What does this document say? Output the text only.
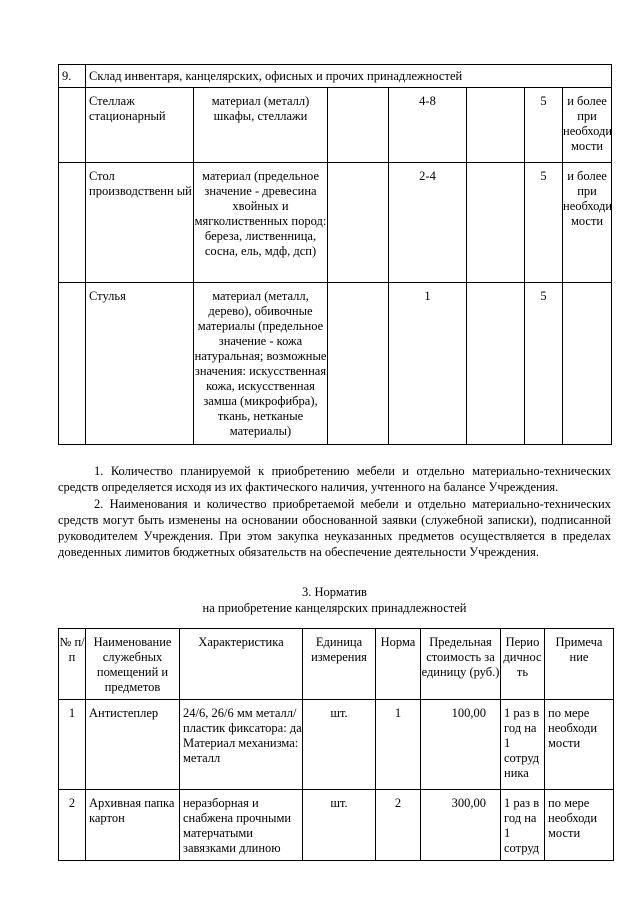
9.	Склад инвентаря, канцелярских, офисных и прочих принадлежностей						
	Стеллаж стационарный	материал (металл) шкафы, стеллажи		4-8		5	и более при необходи мости
	Стол производственн ый	материал (предельное значение - древесина хвойных и мягколиственных пород: береза, лиственница, сосна, ель, мдф, дсп)		2-4		5	и более при необходи мости
	Стулья	материал (металл, дерево), обивочные материалы (предельное значение - кожа натуральная; возможные значения: искусственная кожа, искусственная замша (микрофибра), ткань, нетканые материалы)		1		5	
1. Количество планируемой к приобретению мебели и отдельно материально-технических средств определяется исходя из их фактического наличия, учтенного на балансе Учреждения.
2. Наименования и количество приобретаемой мебели и отдельно материально-технических средств могут быть изменены на основании обоснованной заявки (служебной записки), подписанной руководителем Учреждения. При этом закупка неуказанных предметов осуществляется в пределах доведенных лимитов бюджетных обязательств на обеспечение деятельности Учреждения.
3. Норматив
на приобретение канцелярских принадлежностей
№ п/п	Наименование служебных помещений и предметов	Характеристика	Единица измерения	Норма	Предельная стоимость за единицу (руб.)	Перио дичнос ть	Примеча ние
1	Антистеплер	24/6, 26/6 мм металл/пластик фиксатора: да Материал механизма: металл	шт.	1	100,00	1 раз в год на 1 сотруд ника	по мере необходи мости
2	Архивная папка картон	неразборная и снабжена прочными матерчатыми завязками длиною	шт.	2	300,00	1 раз в год на 1 сотруд	по мере необходи мости
